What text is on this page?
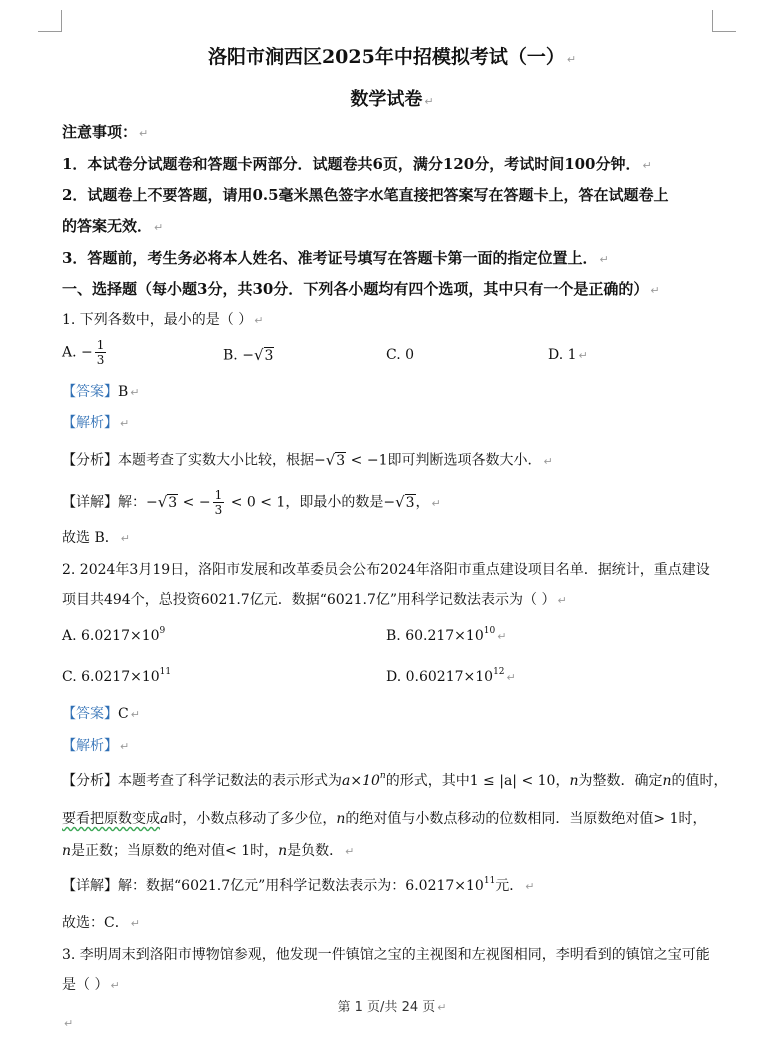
洛阳市涧西区2025年中招模拟考试（一） ↵
数学试卷 ↵
注意事项： ↵
1．本试卷分试题卷和答题卡两部分．试题卷共6页，满分120分，考试时间100分钟． ↵
2．试题卷上不要答题，请用0.5毫米黑色签字水笔直接把答案写在答题卡上，答在试题卷上
的答案无效． ↵
3．答题前，考生务必将本人姓名、准考证号填写在答题卡第一面的指定位置上． ↵
一、选择题（每小题3分，共30分．下列各小题均有四个选项，其中只有一个是正确的） ↵
1. 下列各数中，最小的是（ ） ↵
A. − $\frac{1}{3}$	B. −√3	C. 0	D. 1 ↵
【答案】B ↵
【解析】 ↵
【分析】本题考查了实数大小比较，根据−√3 < −1即可判断选项各数大小． ↵
【详解】解：−√3 < − $\frac{1}{3} < 0 < 1$，即最小的数是−√3， ↵
故选 B． ↵
2. 2024年3月19日，洛阳市发展和改革委员会公布2024年洛阳市重点建设项目名单．据统计，重点建设
项目共494个，总投资6021.7亿元．数据“6021.7亿”用科学记数法表示为（ ） ↵
A. $6.0217\times 10^9$	B. $60.217\times 10^{10}$ ↵
C. $6.0217\times 10^{11}$	D. $0.60217\times 10^{12}$ ↵
【答案】C ↵
【解析】 ↵
【分析】本题考查了科学记数法的表示形式为$a\times 10^n$的形式，其中1 ≤ |a| < 10，n为整数．确定n的值时，
要看把原数变成a时，小数点移动了多少位，n的绝对值与小数点移动的位数相同．当原数绝对值> 1时，
n是正数；当原数的绝对值< 1时，n是负数． ↵
【详解】解：数据“6021.7亿元”用科学记数法表示为：$6.0217\times 10^{11}$元． ↵
故选：C． ↵
3. 李明周末到洛阳市博物馆参观，他发现一件镇馆之宝的主视图和左视图相同，李明看到的镇馆之宝可能
是（ ） ↵
第 1 页/共 24 页 ↵
↵
